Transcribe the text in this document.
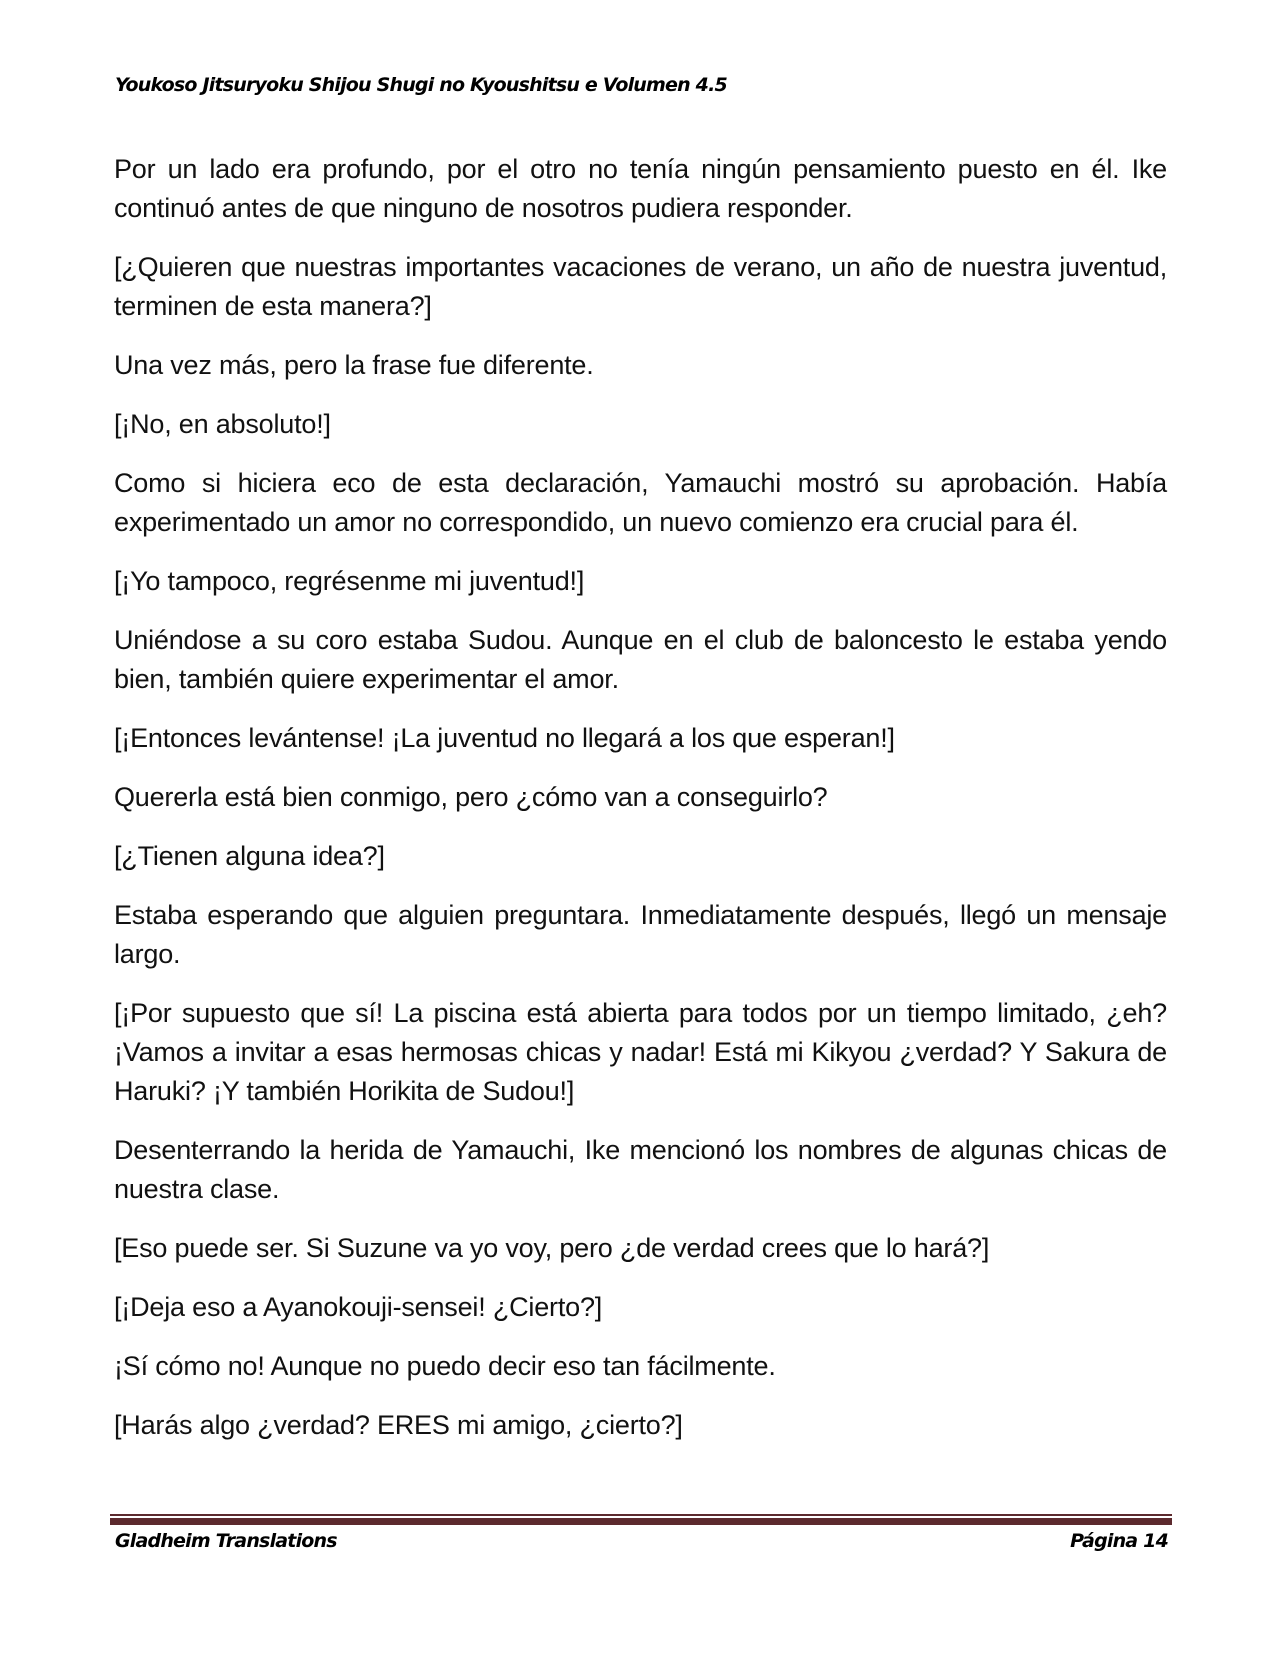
Youkoso Jitsuryoku Shijou Shugi no Kyoushitsu e Volumen 4.5

Por un lado era profundo, por el otro no tenía ningún pensamiento puesto en él. Ike continuó antes de que ninguno de nosotros pudiera responder.

[¿Quieren que nuestras importantes vacaciones de verano, un año de nuestra juventud, terminen de esta manera?]

Una vez más, pero la frase fue diferente.

[¡No, en absoluto!]

Como si hiciera eco de esta declaración, Yamauchi mostró su aprobación. Había experimentado un amor no correspondido, un nuevo comienzo era crucial para él.

[¡Yo tampoco, regrésenme mi juventud!]

Uniéndose a su coro estaba Sudou. Aunque en el club de baloncesto le estaba yendo bien, también quiere experimentar el amor.

[¡Entonces levántense! ¡La juventud no llegará a los que esperan!]

Quererla está bien conmigo, pero ¿cómo van a conseguirlo?

[¿Tienen alguna idea?]

Estaba esperando que alguien preguntara. Inmediatamente después, llegó un mensaje largo.

[¡Por supuesto que sí! La piscina está abierta para todos por un tiempo limitado, ¿eh? ¡Vamos a invitar a esas hermosas chicas y nadar! Está mi Kikyou ¿verdad? Y Sakura de Haruki? ¡Y también Horikita de Sudou!]

Desenterrando la herida de Yamauchi, Ike mencionó los nombres de algunas chicas de nuestra clase.

[Eso puede ser. Si Suzune va yo voy, pero ¿de verdad crees que lo hará?]

[¡Deja eso a Ayanokouji-sensei! ¿Cierto?]

¡Sí cómo no! Aunque no puedo decir eso tan fácilmente.

[Harás algo ¿verdad? ERES mi amigo, ¿cierto?]

Gladheim Translations	Página 14
